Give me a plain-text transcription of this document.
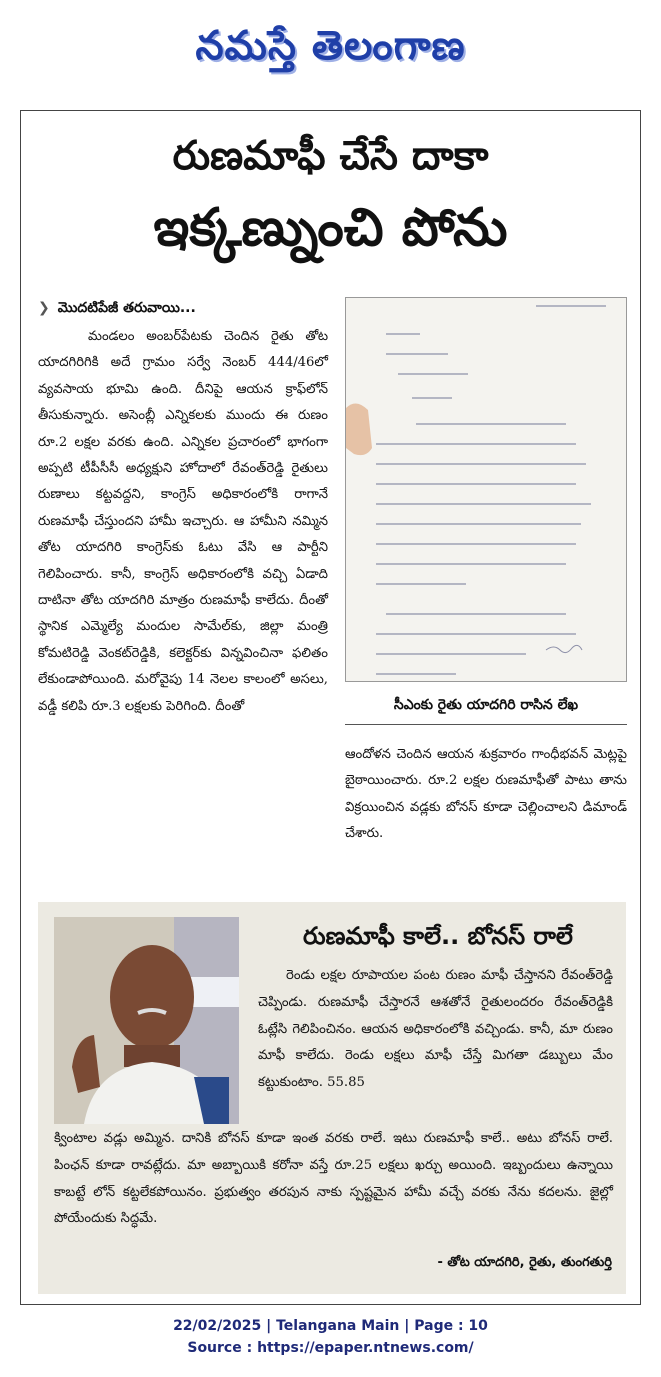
నమస్తే తెలంగాణ
రుణమాఫీ చేసే దాకా
ఇక్కణ్నుంచి పోను
❯ మొదటిపేజీ తరువాయి...
మండలం అంబర్‌పేటకు చెందిన రైతు తోట యాదగిరిగికి అదే గ్రామం సర్వే నెంబర్ 444/46లో వ్యవసాయ భూమి ఉంది. దీనిపై ఆయన క్రాఫ్‌లోన్ తీసుకున్నారు. అసెంబ్లీ ఎన్నికలకు ముందు ఈ రుణం రూ.2 లక్షల వరకు ఉంది. ఎన్నికల ప్రచారంలో భాగంగా అప్పటి టీపీసీసీ అధ్యక్షుని హోదాలో రేవంత్‌రెడ్డి రైతులు రుణాలు కట్టవద్దని, కాంగ్రెస్ అధికారంలోకి రాగానే రుణమాఫీ చేస్తుందని హామీ ఇచ్చారు. ఆ హామీని నమ్మిన తోట యాదగిరి కాంగ్రెస్‌కు ఓటు వేసి ఆ పార్టీని గెలిపించారు. కానీ, కాంగ్రెస్ అధికారంలోకి వచ్చి ఏడాది దాటినా తోట యాదగిరి మాత్రం రుణమాఫీ కాలేదు. దీంతో స్థానిక ఎమ్మెల్యే మందుల సామేల్‌కు, జిల్లా మంత్రి కోమటిరెడ్డి వెంకట్‌రెడ్డికి, కలెక్టర్‌కు విన్నవించినా ఫలితం లేకుండాపోయింది. మరోవైపు 14 నెలల కాలంలో అసలు, వడ్డీ కలిపి రూ.3 లక్షలకు పెరిగింది. దీంతో	సీఎంకు రైతు యాదగిరి రాసిన లేఖ
ఆందోళన చెందిన ఆయన శుక్రవారం గాంధీభవన్ మెట్లపై బైఠాయించారు. రూ.2 లక్షల రుణమాఫీతో పాటు తాను విక్రయించిన వడ్లకు బోనస్ కూడా చెల్లించాలని డిమాండ్ చేశారు.
రుణమాఫీ కాలే.. బోనస్ రాలే
రెండు లక్షల రూపాయల పంట రుణం మాఫీ చేస్తానని రేవంత్‌రెడ్డి చెప్పిండు. రుణమాఫీ చేస్తారనే ఆశతోనే రైతులందరం రేవంత్‌రెడ్డికి ఓట్లేసి గెలిపించినం. ఆయన అధికారంలోకి వచ్చిండు. కానీ, మా రుణం మాఫీ కాలేదు. రెండు లక్షలు మాఫీ చేస్తే మిగతా డబ్బులు మేం కట్టుకుంటాం. 55.85
క్వింటాల వడ్లు అమ్మిన. దానికి బోనస్ కూడా ఇంత వరకు రాలే. ఇటు రుణమాఫీ కాలే.. అటు బోనస్ రాలే. పింఛన్ కూడా రావట్లేదు. మా అబ్బాయికి కరోనా వస్తే రూ.25 లక్షలు ఖర్చు అయింది. ఇబ్బందులు ఉన్నాయి కాబట్టే లోన్ కట్టలేకపోయినం. ప్రభుత్వం తరపున నాకు స్పష్టమైన హామీ వచ్చే వరకు నేను కదలను. జైల్లో పోయేందుకు సిద్ధమే.
- తోట యాదగిరి, రైతు, తుంగతుర్తి
22/02/2025 | Telangana Main | Page : 10
Source : https://epaper.ntnews.com/
